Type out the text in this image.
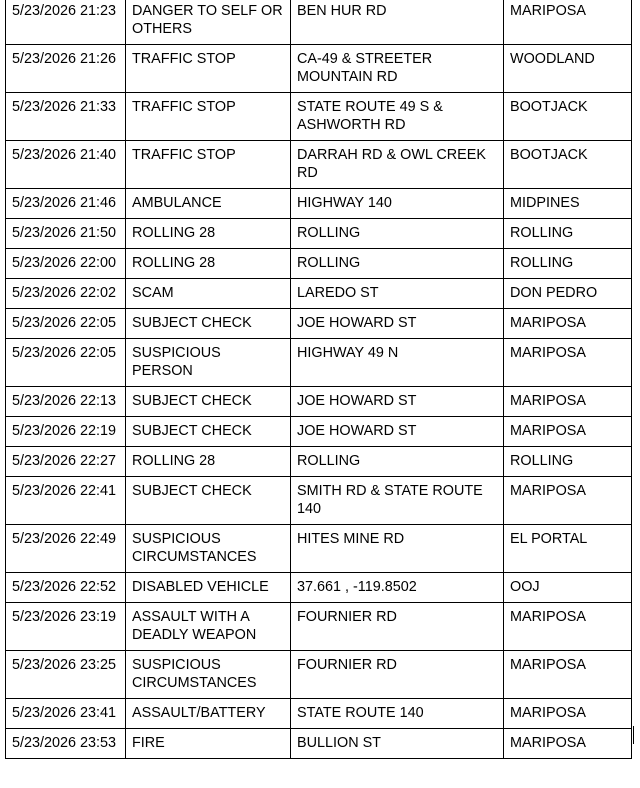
5/23/2026 21:23	DANGER TO SELF OR OTHERS	BEN HUR RD	MARIPOSA
5/23/2026 21:26	TRAFFIC STOP	CA-49 & STREETER MOUNTAIN RD	WOODLAND
5/23/2026 21:33	TRAFFIC STOP	STATE ROUTE 49 S & ASHWORTH RD	BOOTJACK
5/23/2026 21:40	TRAFFIC STOP	DARRAH RD & OWL CREEK RD	BOOTJACK
5/23/2026 21:46	AMBULANCE	HIGHWAY 140	MIDPINES
5/23/2026 21:50	ROLLING 28	ROLLING	ROLLING
5/23/2026 22:00	ROLLING 28	ROLLING	ROLLING
5/23/2026 22:02	SCAM	LAREDO ST	DON PEDRO
5/23/2026 22:05	SUBJECT CHECK	JOE HOWARD ST	MARIPOSA
5/23/2026 22:05	SUSPICIOUS PERSON	HIGHWAY 49 N	MARIPOSA
5/23/2026 22:13	SUBJECT CHECK	JOE HOWARD ST	MARIPOSA
5/23/2026 22:19	SUBJECT CHECK	JOE HOWARD ST	MARIPOSA
5/23/2026 22:27	ROLLING 28	ROLLING	ROLLING
5/23/2026 22:41	SUBJECT CHECK	SMITH RD & STATE ROUTE 140	MARIPOSA
5/23/2026 22:49	SUSPICIOUS CIRCUMSTANCES	HITES MINE RD	EL PORTAL
5/23/2026 22:52	DISABLED VEHICLE	37.661 , -119.8502	OOJ
5/23/2026 23:19	ASSAULT WITH A DEADLY WEAPON	FOURNIER RD	MARIPOSA
5/23/2026 23:25	SUSPICIOUS CIRCUMSTANCES	FOURNIER RD	MARIPOSA
5/23/2026 23:41	ASSAULT/BATTERY	STATE ROUTE 140	MARIPOSA
5/23/2026 23:53	FIRE	BULLION ST	MARIPOSA
